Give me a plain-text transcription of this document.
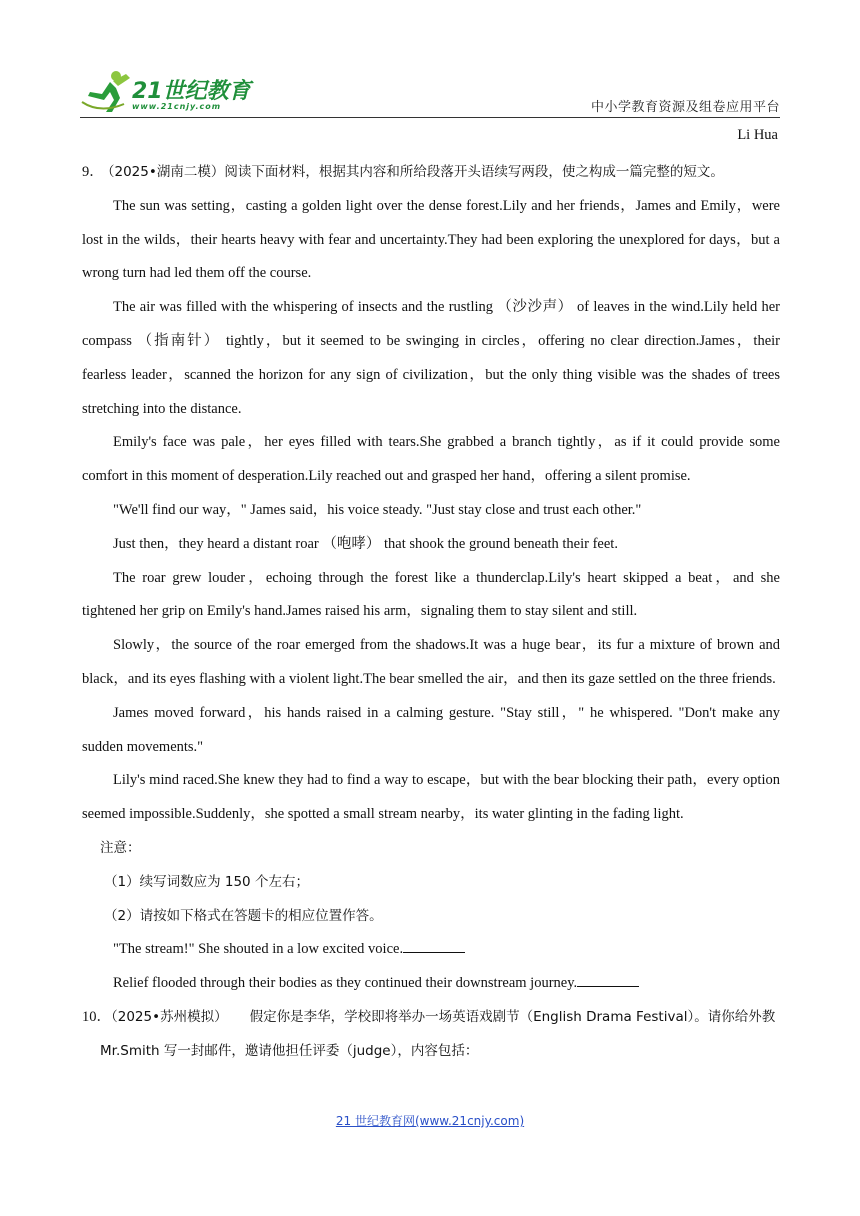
21世纪教育
www.21cnjy.com	中小学教育资源及组卷应用平台
Li Hua

9． （2025•湖南二模）阅读下面材料，根据其内容和所给段落开头语续写两段，使之构成一篇完整的短文。

The sun was setting，casting a golden light over the dense forest.Lily and her friends，James and Emily，were lost in the wilds，their hearts heavy with fear and uncertainty.They had been exploring the unexplored for days，but a wrong turn had led them off the course.

The air was filled with the whispering of insects and the rustling （沙沙声） of leaves in the wind.Lily held her compass （指南针） tightly，but it seemed to be swinging in circles，offering no clear direction.James，their fearless leader，scanned the horizon for any sign of civilization，but the only thing visible was the shades of trees stretching into the distance.

Emily's face was pale，her eyes filled with tears.She grabbed a branch tightly，as if it could provide some comfort in this moment of desperation.Lily reached out and grasped her hand，offering a silent promise.

"We'll find our way，" James said，his voice steady. "Just stay close and trust each other."

Just then，they heard a distant roar （咆哮） that shook the ground beneath their feet.

The roar grew louder，echoing through the forest like a thunderclap.Lily's heart skipped a beat，and she tightened her grip on Emily's hand.James raised his arm，signaling them to stay silent and still.

Slowly，the source of the roar emerged from the shadows.It was a huge bear，its fur a mixture of brown and black，and its eyes flashing with a violent light.The bear smelled the air，and then its gaze settled on the three friends.

James moved forward，his hands raised in a calming gesture. "Stay still，" he whispered. "Don't make any sudden movements."

Lily's mind raced.She knew they had to find a way to escape，but with the bear blocking their path，every option seemed impossible.Suddenly，she spotted a small stream nearby，its water glinting in the fading light.

注意：

（1）续写词数应为 150 个左右；

（2）请按如下格式在答题卡的相应位置作答。

"The stream!" She shouted in a low excited voice.

Relief flooded through their bodies as they continued their downstream journey.

10．（2025•苏州模拟） 假定你是李华，学校即将举办一场英语戏剧节（English Drama Festival）。请你给外教 Mr.Smith 写一封邮件，邀请他担任评委（judge），内容包括：

21 世纪教育网(www.21cnjy.com)
